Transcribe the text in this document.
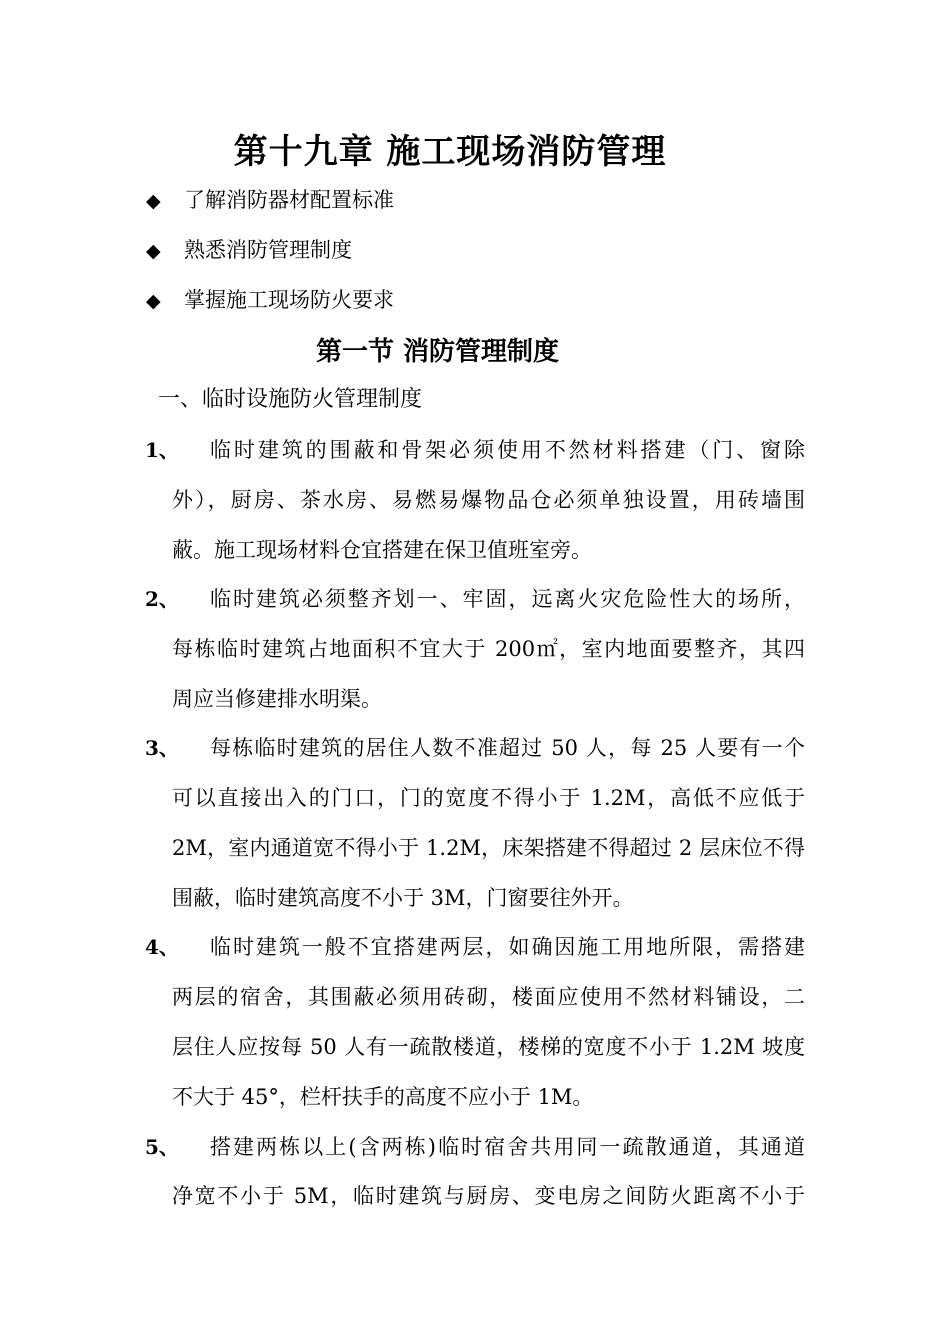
第十九章 施工现场消防管理
◆ 了解消防器材配置标准
◆ 熟悉消防管理制度
◆ 掌握施工现场防火要求
第一节 消防管理制度
一、临时设施防火管理制度
1、 临时建筑的围蔽和骨架必须使用不然材料搭建（门、窗除
外），厨房、茶水房、易燃易爆物品仓必须单独设置，用砖墙围
蔽。施工现场材料仓宜搭建在保卫值班室旁。
2、 临时建筑必须整齐划一、牢固，远离火灾危险性大的场所，
每栋临时建筑占地面积不宜大于 200㎡，室内地面要整齐，其四
周应当修建排水明渠。
3、 每栋临时建筑的居住人数不准超过 50 人，每 25 人要有一个
可以直接出入的门口，门的宽度不得小于 1.2M，高低不应低于
2M，室内通道宽不得小于 1.2M，床架搭建不得超过 2 层床位不得
围蔽，临时建筑高度不小于 3M，门窗要往外开。
4、 临时建筑一般不宜搭建两层，如确因施工用地所限，需搭建
两层的宿舍，其围蔽必须用砖砌，楼面应使用不然材料铺设，二
层住人应按每 50 人有一疏散楼道，楼梯的宽度不小于 1.2M 坡度
不大于 45°，栏杆扶手的高度不应小于 1M。
5、 搭建两栋以上(含两栋)临时宿舍共用同一疏散通道，其通道
净宽不小于 5M，临时建筑与厨房、变电房之间防火距离不小于
